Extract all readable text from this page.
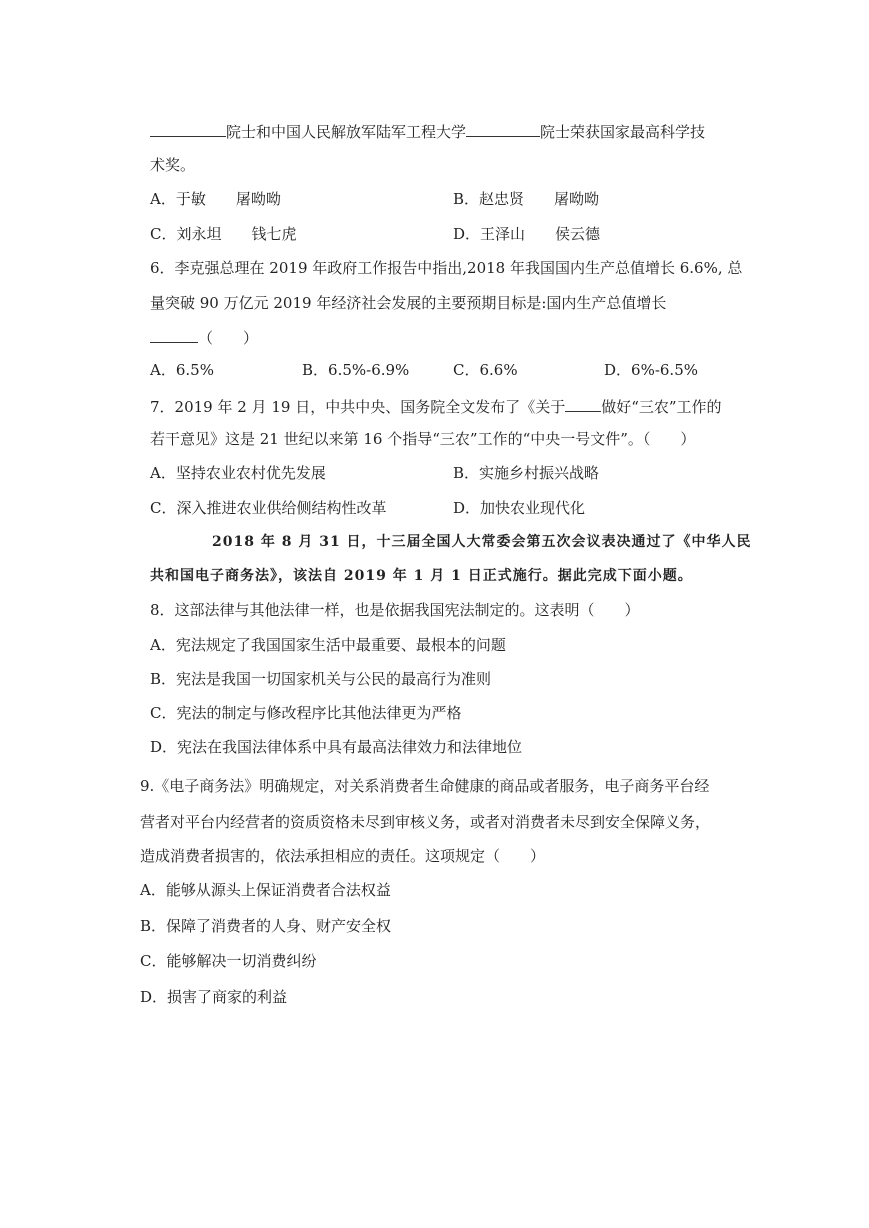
院士和中国人民解放军陆军工程大学	院士荣获国家最高科学技
术奖。
A．于敏　　屠呦呦	B．赵忠贤　　屠呦呦
C．刘永坦　　钱七虎	D．王泽山　　侯云德
6．李克强总理在 2019 年政府工作报告中指出,2018 年我国国内生产总值增长 6.6%, 总
量突破 90 万亿元 2019 年经济社会发展的主要预期目标是:国内生产总值增长
（　　）
A．6.5%	B．6.5%-6.9%	C．6.6%	D．6%-6.5%
7．2019 年 2 月 19 日，中共中央、国务院全文发布了《关于 做好“三农”工作的
若干意见》这是 21 世纪以来第 16 个指导“三农”工作的“中央一号文件”。（　　）
A．坚持农业农村优先发展	B．实施乡村振兴战略
C．深入推进农业供给侧结构性改革	D．加快农业现代化
2018 年 8 月 31 日，十三届全国人大常委会第五次会议表决通过了《中华人民
共和国电子商务法》，该法自 2019 年 1 月 1 日正式施行。据此完成下面小题。
8．这部法律与其他法律一样，也是依据我国宪法制定的。这表明（　　）
A．宪法规定了我国国家生活中最重要、最根本的问题
B．宪法是我国一切国家机关与公民的最高行为准则
C．宪法的制定与修改程序比其他法律更为严格
D．宪法在我国法律体系中具有最高法律效力和法律地位
9.《电子商务法》明确规定，对关系消费者生命健康的商品或者服务，电子商务平台经
营者对平台内经营者的资质资格未尽到审核义务，或者对消费者未尽到安全保障义务，
造成消费者损害的，依法承担相应的责任。这项规定（　　）
A．能够从源头上保证消费者合法权益
B．保障了消费者的人身、财产安全权
C．能够解决一切消费纠纷
D．损害了商家的利益
